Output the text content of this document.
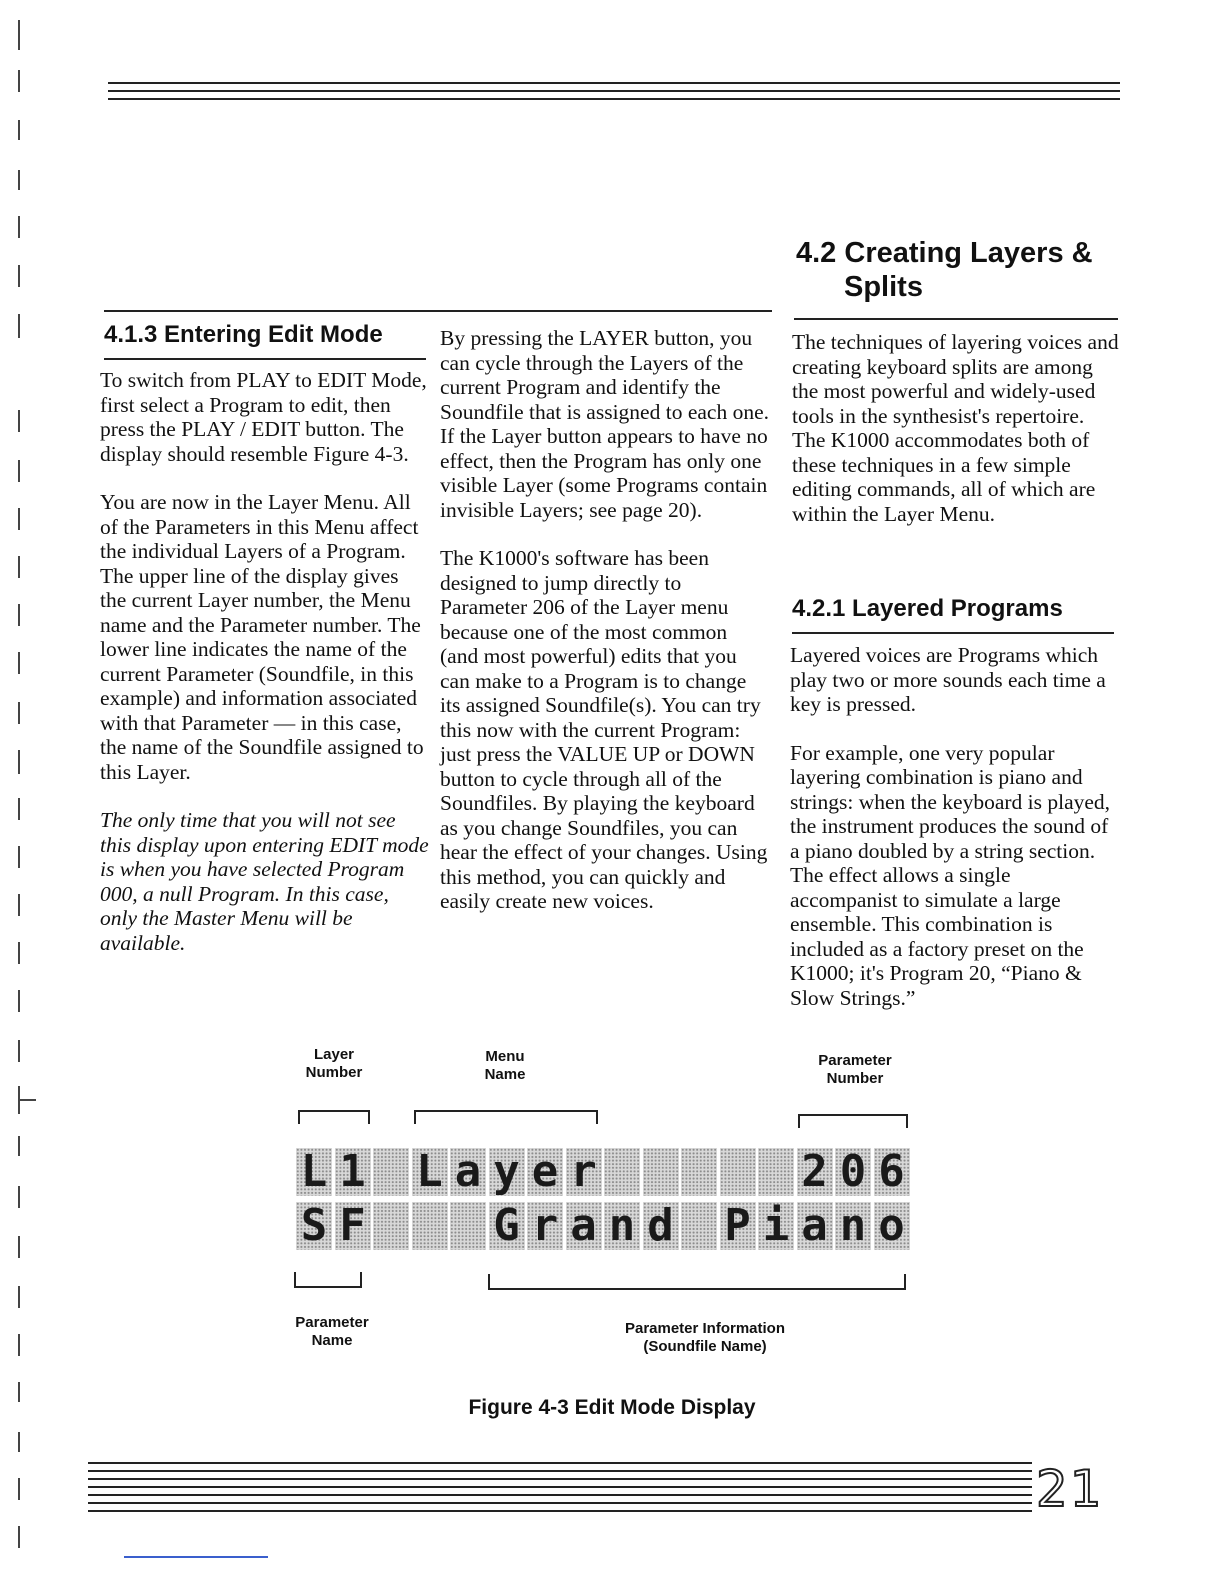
4.2 Creating Layers &
Splits
4.1.3 Entering Edit Mode

To switch from PLAY to EDIT Mode, first select a Program to edit, then press the PLAY / EDIT button. The display should resemble Figure 4-3.

You are now in the Layer Menu. All of the Parameters in this Menu affect the individual Layers of a Program. The upper line of the display gives the current Layer number, the Menu name and the Parameter number. The lower line indicates the name of the current Parameter (Soundfile, in this example) and information associated with that Parameter — in this case, the name of the Soundfile assigned to this Layer.

The only time that you will not see this display upon entering EDIT mode is when you have selected Program 000, a null Program. In this case, only the Master Menu will be available.

By pressing the LAYER button, you can cycle through the Layers of the current Program and identify the Soundfile that is assigned to each one. If the Layer button appears to have no effect, then the Program has only one visible Layer (some Programs contain invisible Layers; see page 20).

The K1000's software has been designed to jump directly to Parameter 206 of the Layer menu because one of the most common (and most powerful) edits that you can make to a Program is to change its assigned Soundfile(s). You can try this now with the current Program: just press the VALUE UP or DOWN button to cycle through all of the Soundfiles. By playing the keyboard as you change Soundfiles, you can hear the effect of your changes. Using this method, you can quickly and easily create new voices.

The techniques of layering voices and creating keyboard splits are among the most powerful and widely-used tools in the synthesist's repertoire. The K1000 accommodates both of these techniques in a few simple editing commands, all of which are within the Layer Menu.

4.2.1 Layered Programs

Layered voices are Programs which play two or more sounds each time a key is pressed.

For example, one very popular layering combination is piano and strings: when the keyboard is played, the instrument produces the sound of a piano doubled by a string section. The effect allows a single accompanist to simulate a large ensemble. This combination is included as a factory preset on the K1000; it's Program 20, “Piano & Slow Strings.”

Layer Number
Menu Name
Parameter Number
L 1 L a y e r	2 0 6
S F	G r a n d P i a n o
Parameter Name
Parameter Information
(Soundfile Name)
Figure 4-3 Edit Mode Display
21
